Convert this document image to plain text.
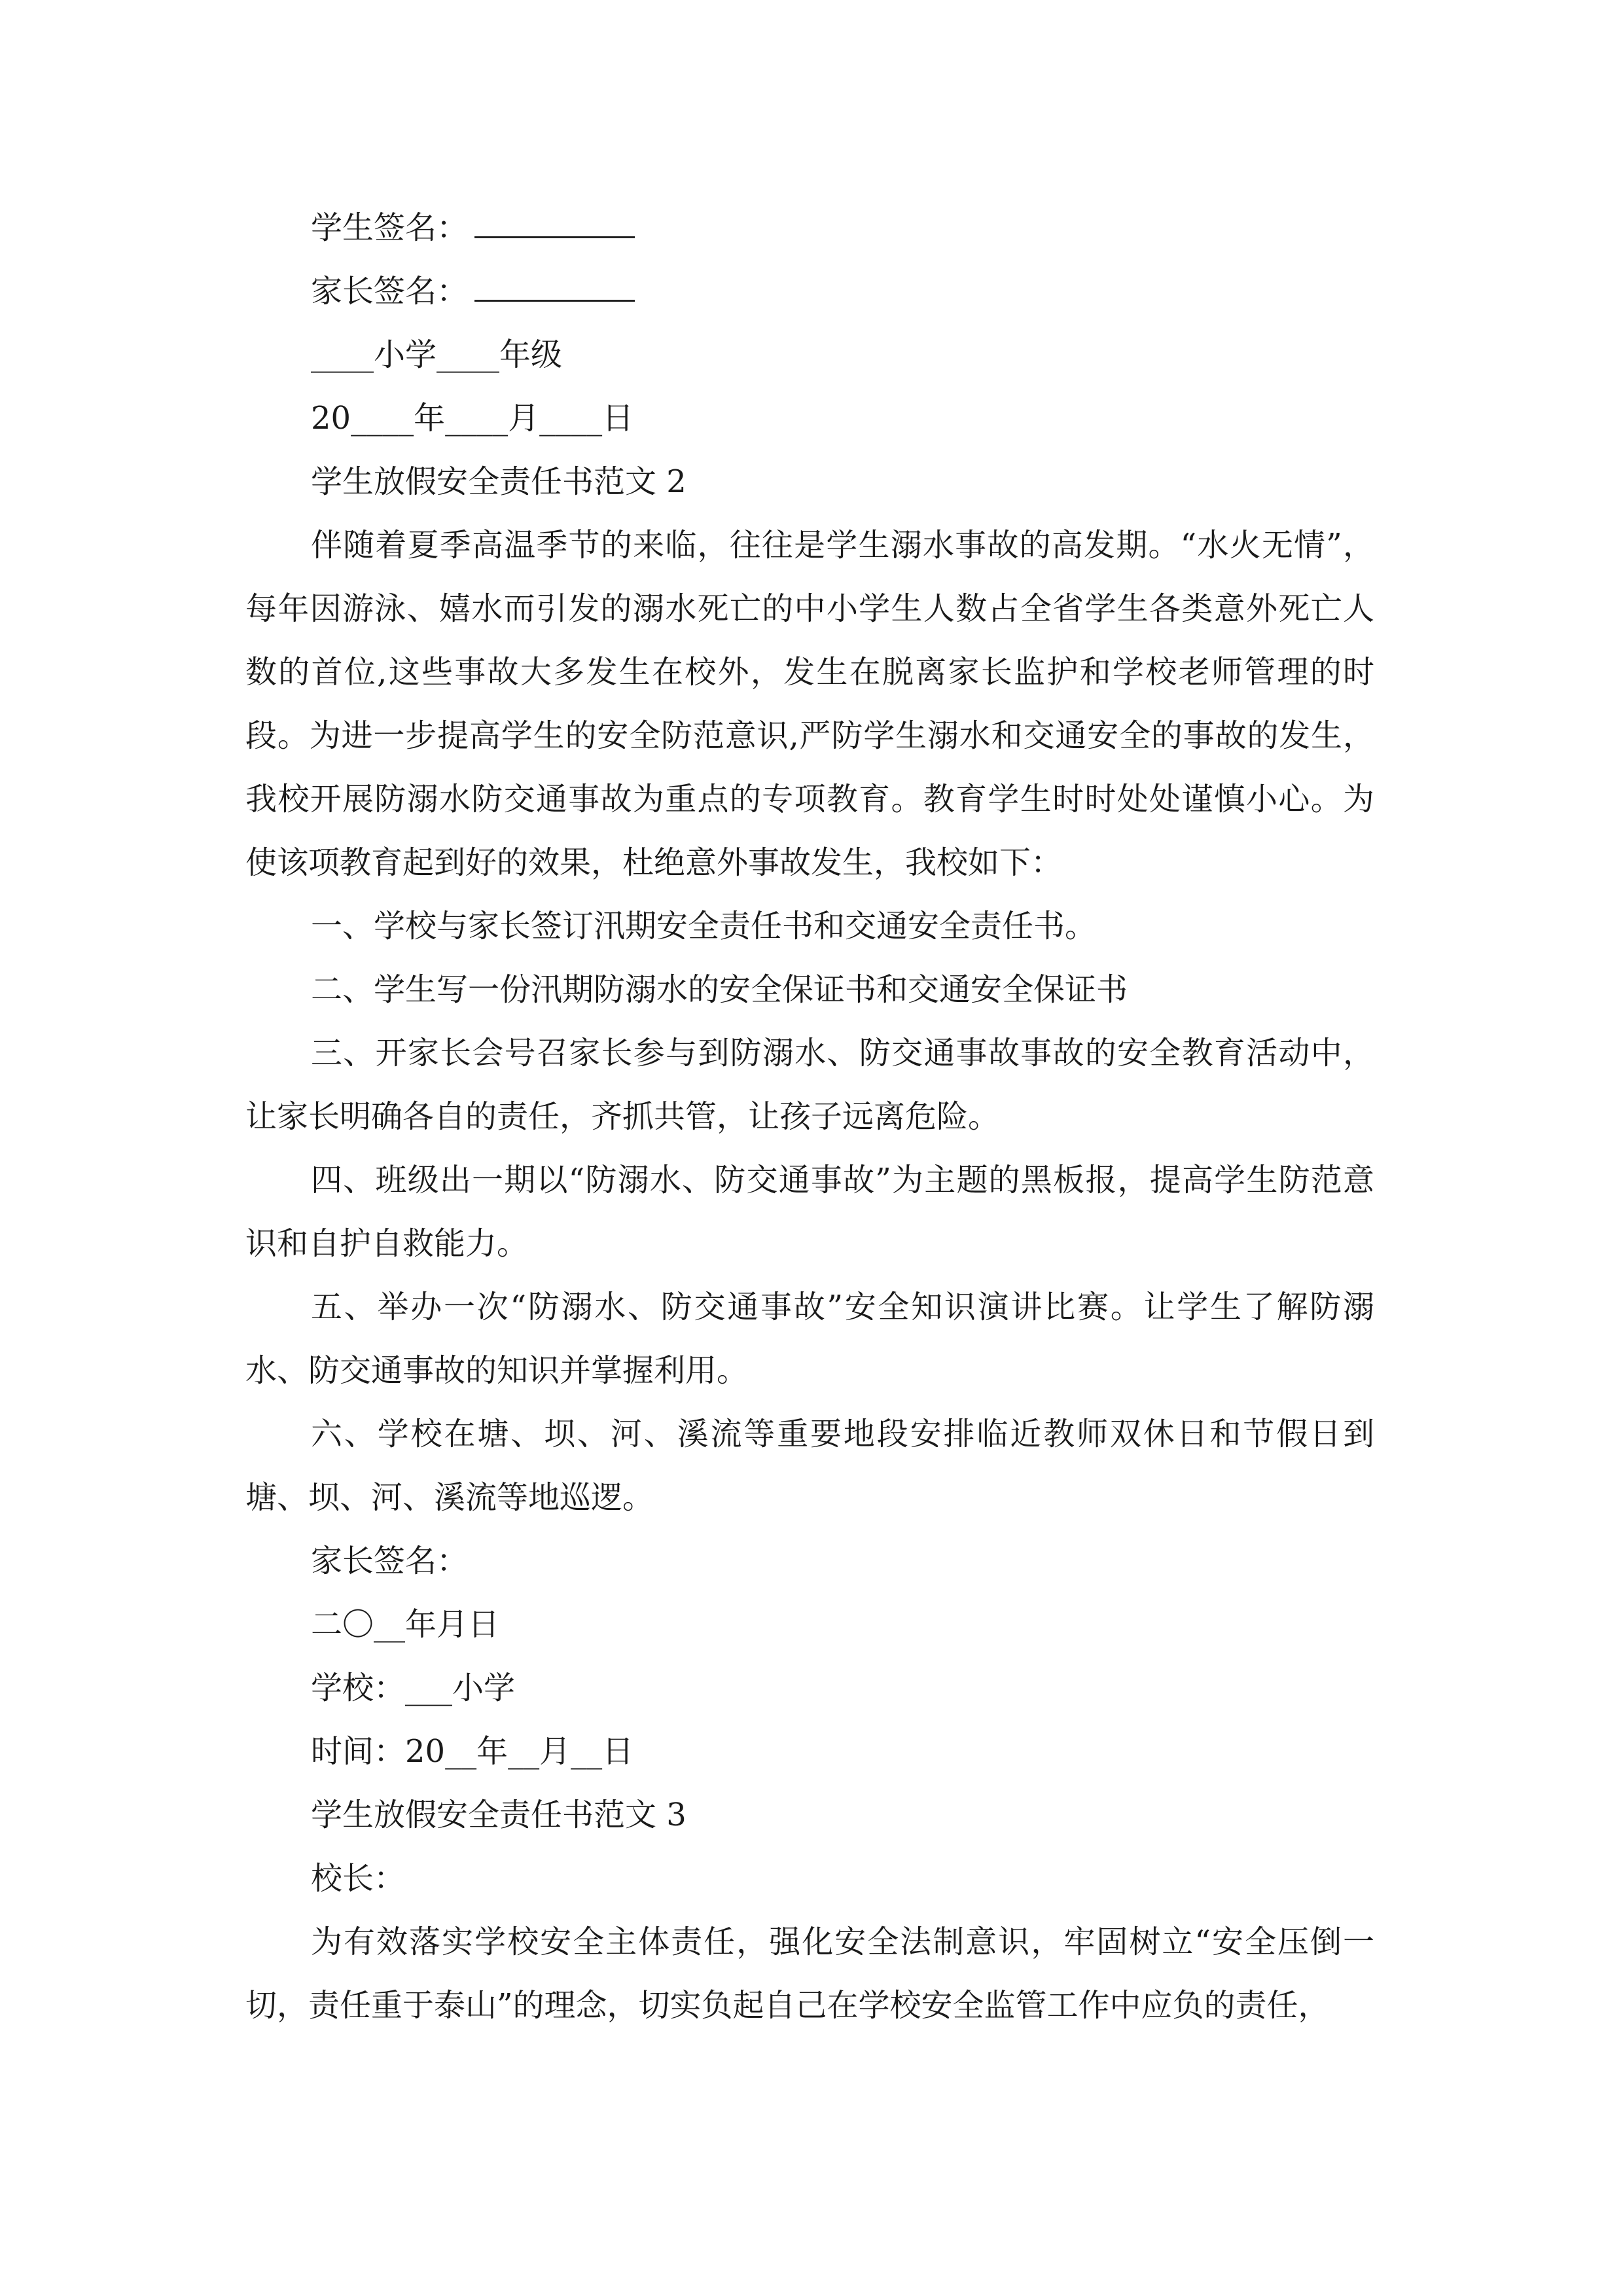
学生签名：
家长签名：
____小学____年级
20____年____月____日
学生放假安全责任书范文 2

伴随着夏季高温季节的来临，往往是学生溺水事故的高发期。“水火无情”，每年因游泳、嬉水而引发的溺水死亡的中小学生人数占全省学生各类意外死亡人数的首位,这些事故大多发生在校外，发生在脱离家长监护和学校老师管理的时段。为进一步提高学生的安全防范意识,严防学生溺水和交通安全的事故的发生，我校开展防溺水防交通事故为重点的专项教育。教育学生时时处处谨慎小心。为使该项教育起到好的效果，杜绝意外事故发生，我校如下：

一、学校与家长签订汛期安全责任书和交通安全责任书。

二、学生写一份汛期防溺水的安全保证书和交通安全保证书

三、开家长会号召家长参与到防溺水、防交通事故事故的安全教育活动中，让家长明确各自的责任，齐抓共管，让孩子远离危险。

四、班级出一期以“防溺水、防交通事故”为主题的黑板报，提高学生防范意识和自护自救能力。

五、举办一次“防溺水、防交通事故”安全知识演讲比赛。让学生了解防溺水、防交通事故的知识并掌握利用。

六、学校在塘、坝、河、溪流等重要地段安排临近教师双休日和节假日到塘、坝、河、溪流等地巡逻。

家长签名：
二〇__年月日
学校：___小学
时间：20__年__月__日
学生放假安全责任书范文 3
校长：

为有效落实学校安全主体责任，强化安全法制意识，牢固树立“安全压倒一切，责任重于泰山”的理念，切实负起自己在学校安全监管工作中应负的责任，
